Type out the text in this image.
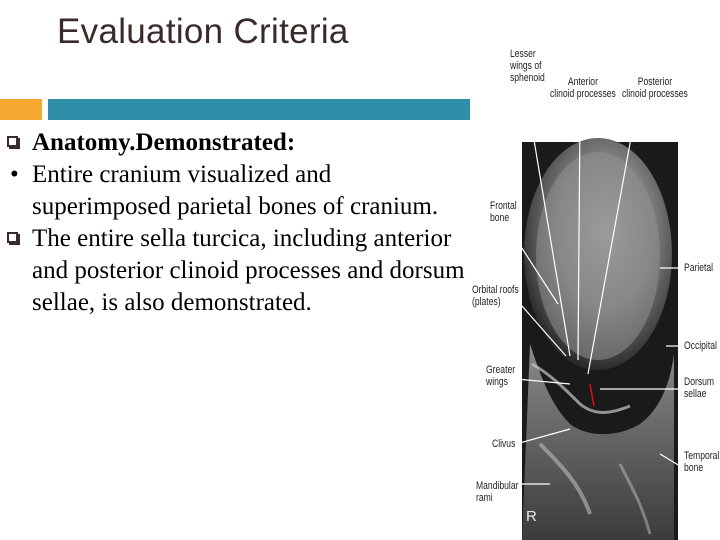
Evaluation Criteria
Anatomy.Demonstrated:
• Entire cranium visualized and superimposed parietal bones of cranium.
The entire sella turcica, including anterior and posterior clinoid processes and dorsum sellae, is also demonstrated.
Lesser
wings of
sphenoid	Anterior
clinoid processes
Posterior
clinoid processes
Frontal
bone
Parietal
Orbital roofs
(plates)
Occipital
Greater
wings	Dorsum
sellae
Clivus
Temporal
bone
Mandibular
rami
R
